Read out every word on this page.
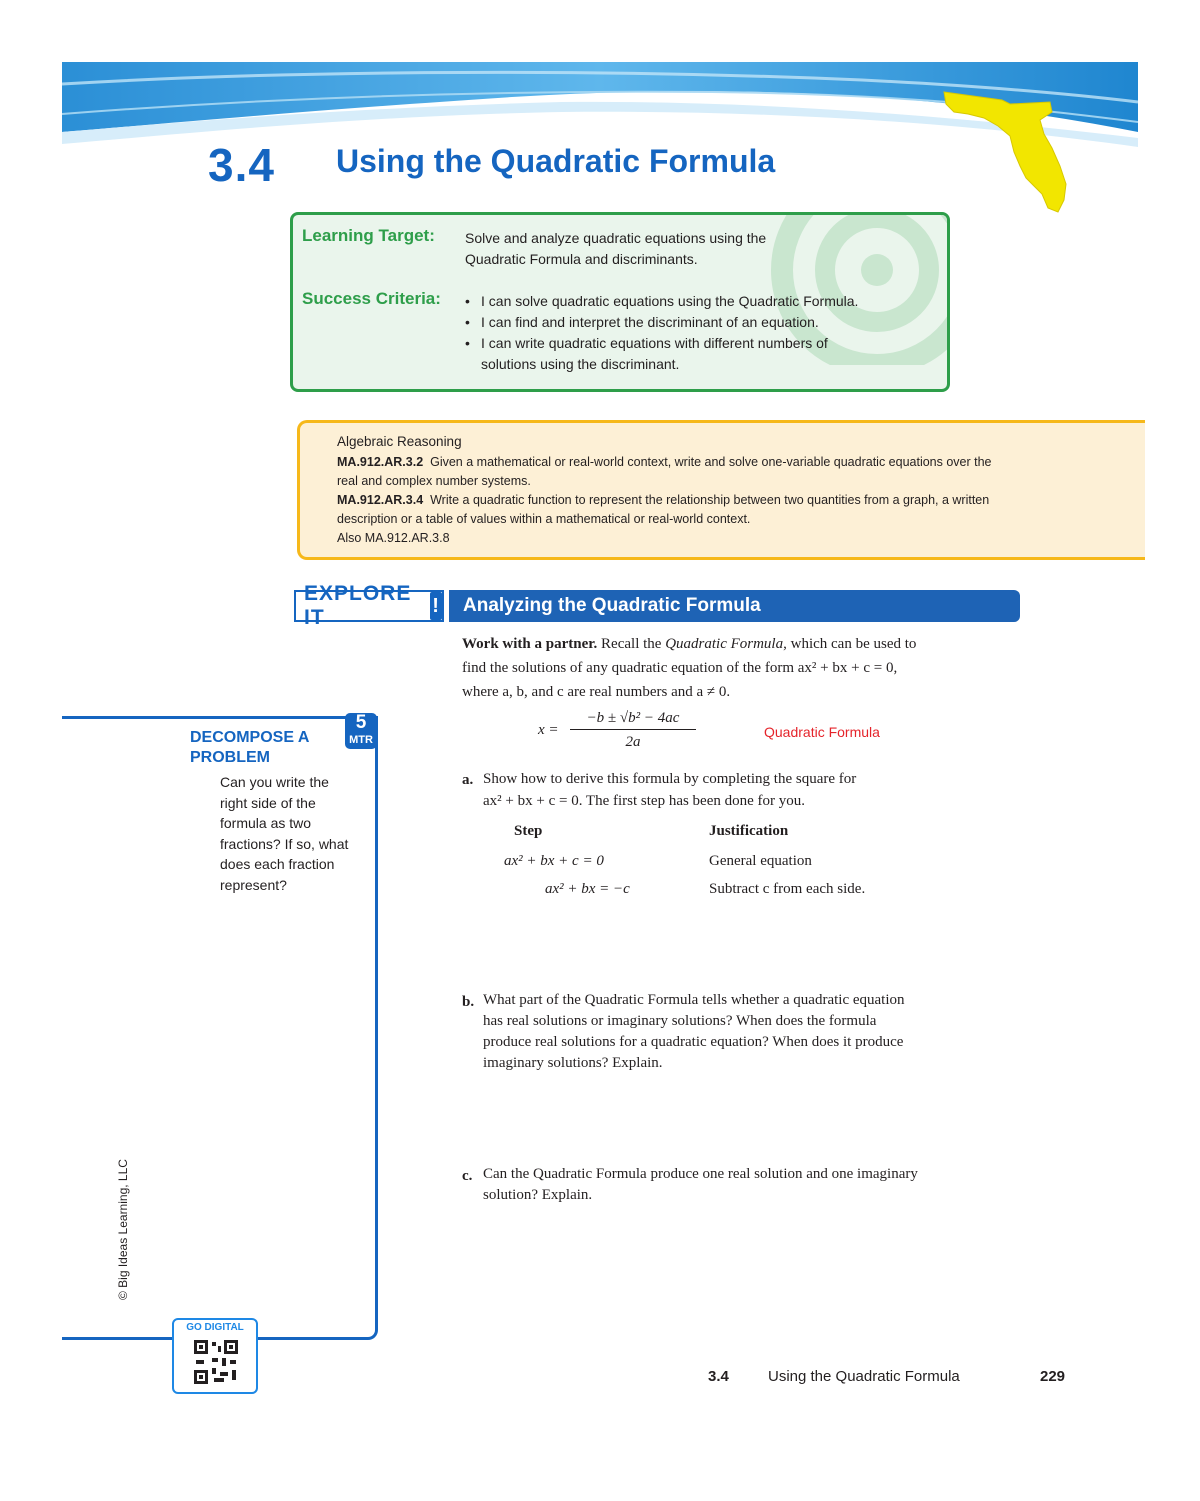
3.4 Using the Quadratic Formula
Learning Target: Solve and analyze quadratic equations using the
Quadratic Formula and discriminants.
Success Criteria: • I can solve quadratic equations using the Quadratic Formula.
• I can find and interpret the discriminant of an equation.
• I can write quadratic equations with different numbers of
solutions using the discriminant.
Algebraic Reasoning
MA.912.AR.3.2 Given a mathematical or real-world context, write and solve one-variable quadratic equations over the
real and complex number systems.
MA.912.AR.3.4 Write a quadratic function to represent the relationship between two quantities from a graph, a written
description or a table of values within a mathematical or real-world context.
Also MA.912.AR.3.8
EXPLORE IT	!	Analyzing the Quadratic Formula
Work with a partner. Recall the Quadratic Formula, which can be used to
find the solutions of any quadratic equation of the form ax² + bx + c = 0,
where a, b, and c are real numbers and a ≠ 0.
x =
−b ± √b² − 4ac
2a
Quadratic Formula
a. Show how to derive this formula by completing the square for
ax² + bx + c = 0. The first step has been done for you.
Step	Justification
ax² + bx + c = 0	General equation
ax² + bx = −c	Subtract c from each side.
b. What part of the Quadratic Formula tells whether a quadratic equation
has real solutions or imaginary solutions? When does the formula
produce real solutions for a quadratic equation? When does it produce
imaginary solutions? Explain.
c. Can the Quadratic Formula produce one real solution and one imaginary
solution? Explain.
5
MTR
DECOMPOSE A
PROBLEM
Can you write the
right side of the
formula as two
fractions? If so, what
does each fraction
represent?
© Big Ideas Learning, LLC
GO DIGITAL
3.4	Using the Quadratic Formula	229
